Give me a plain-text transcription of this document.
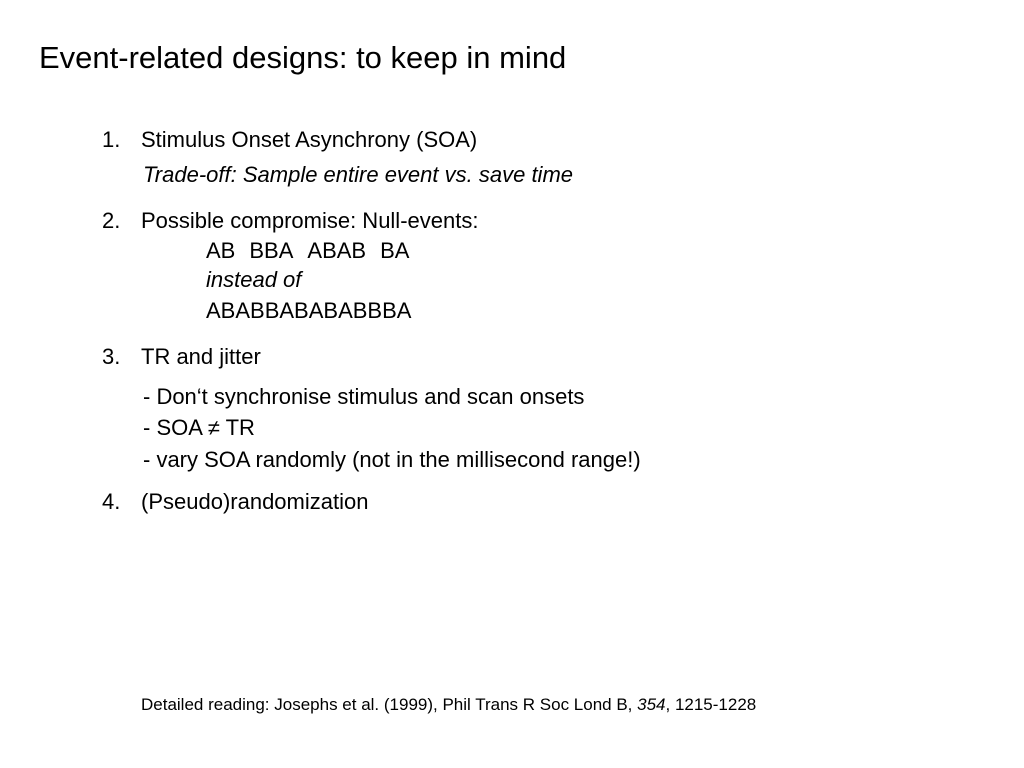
Event-related designs: to keep in mind
1. Stimulus Onset Asynchrony (SOA)
Trade-off: Sample entire event vs. save time
2. Possible compromise: Null-events:
AB BBA ABAB BA
instead of
ABABBABABABBBA
3. TR and jitter
- Don‘t synchronise stimulus and scan onsets
- SOA ≠ TR
- vary SOA randomly (not in the millisecond range!)
4. (Pseudo)randomization
Detailed reading: Josephs et al. (1999), Phil Trans R Soc Lond B, 354, 1215-1228
